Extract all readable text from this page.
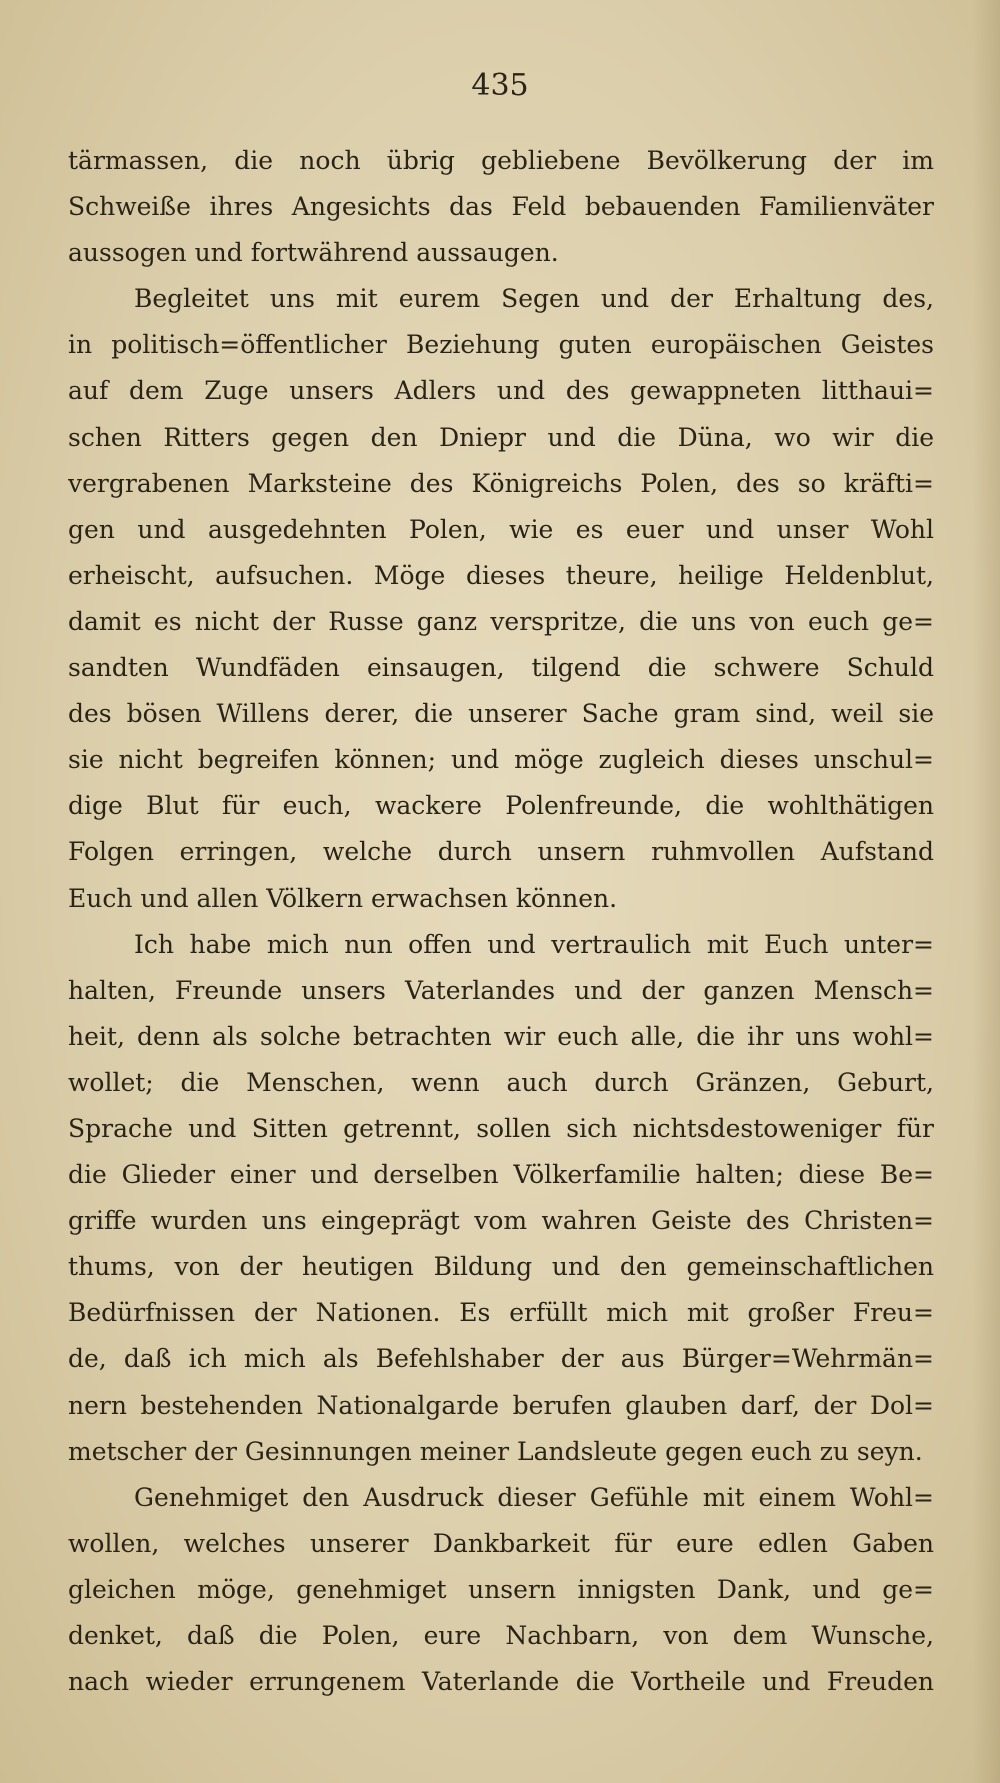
435
tärmassen, die noch übrig gebliebene Bevölkerung der im
Schweiße ihres Angesichts das Feld bebauenden Familienväter
aussogen und fortwährend aussaugen.
Begleitet uns mit eurem Segen und der Erhaltung des,
in politisch=öffentlicher Beziehung guten europäischen Geistes
auf dem Zuge unsers Adlers und des gewappneten litthaui=
schen Ritters gegen den Dniepr und die Düna, wo wir die
vergrabenen Marksteine des Königreichs Polen, des so kräfti=
gen und ausgedehnten Polen, wie es euer und unser Wohl
erheischt, aufsuchen. Möge dieses theure, heilige Heldenblut,
damit es nicht der Russe ganz verspritze, die uns von euch ge=
sandten Wundfäden einsaugen, tilgend die schwere Schuld
des bösen Willens derer, die unserer Sache gram sind, weil sie
sie nicht begreifen können; und möge zugleich dieses unschul=
dige Blut für euch, wackere Polenfreunde, die wohlthätigen
Folgen erringen, welche durch unsern ruhmvollen Aufstand
Euch und allen Völkern erwachsen können.
Ich habe mich nun offen und vertraulich mit Euch unter=
halten, Freunde unsers Vaterlandes und der ganzen Mensch=
heit, denn als solche betrachten wir euch alle, die ihr uns wohl=
wollet; die Menschen, wenn auch durch Gränzen, Geburt,
Sprache und Sitten getrennt, sollen sich nichtsdestoweniger für
die Glieder einer und derselben Völkerfamilie halten; diese Be=
griffe wurden uns eingeprägt vom wahren Geiste des Christen=
thums, von der heutigen Bildung und den gemeinschaftlichen
Bedürfnissen der Nationen. Es erfüllt mich mit großer Freu=
de, daß ich mich als Befehlshaber der aus Bürger=Wehrmän=
nern bestehenden Nationalgarde berufen glauben darf, der Dol=
metscher der Gesinnungen meiner Landsleute gegen euch zu seyn.
Genehmiget den Ausdruck dieser Gefühle mit einem Wohl=
wollen, welches unserer Dankbarkeit für eure edlen Gaben
gleichen möge, genehmiget unsern innigsten Dank, und ge=
denket, daß die Polen, eure Nachbarn, von dem Wunsche,
nach wieder errungenem Vaterlande die Vortheile und Freuden
